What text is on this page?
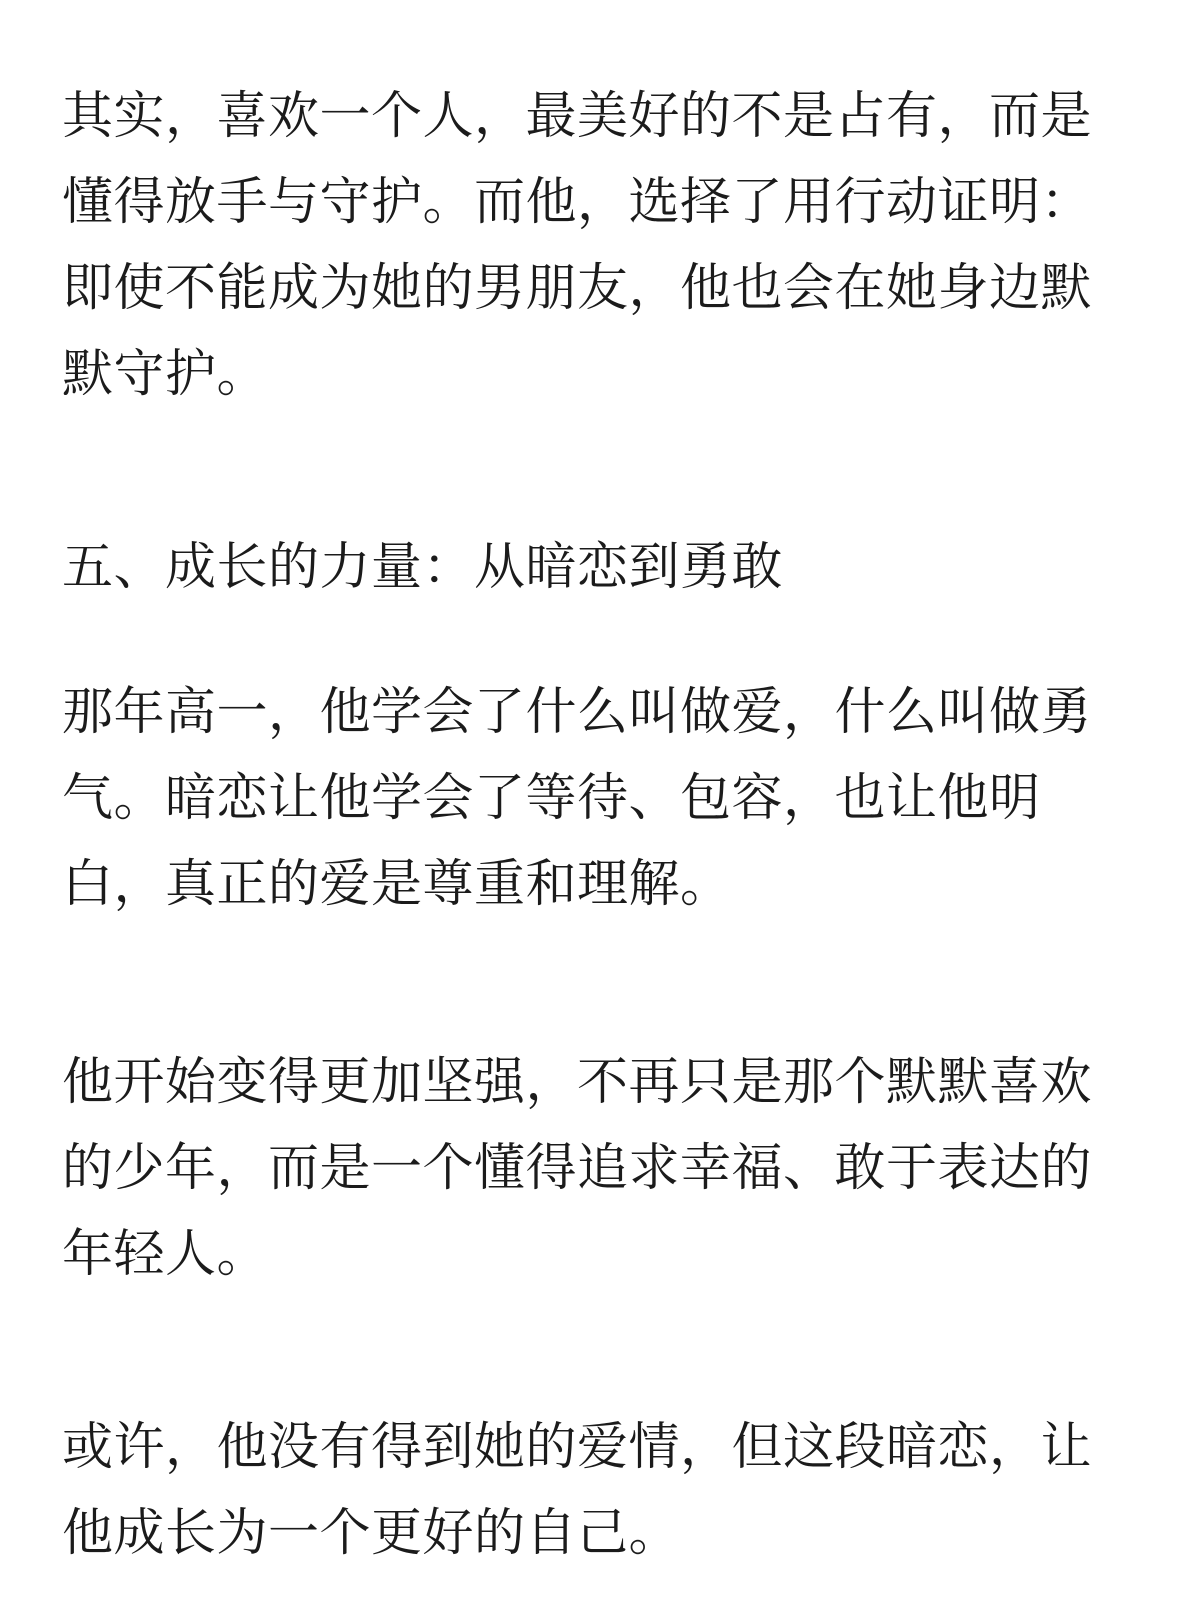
其实，喜欢一个人，最美好的不是占有，而是懂得放手与守护。而他，选择了用行动证明：即使不能成为她的男朋友，他也会在她身边默默守护。

五、成长的力量：从暗恋到勇敢

那年高一，他学会了什么叫做爱，什么叫做勇气。暗恋让他学会了等待、包容，也让他明白，真正的爱是尊重和理解。

他开始变得更加坚强，不再只是那个默默喜欢的少年，而是一个懂得追求幸福、敢于表达的年轻人。

或许，他没有得到她的爱情，但这段暗恋，让他成长为一个更好的自己。
